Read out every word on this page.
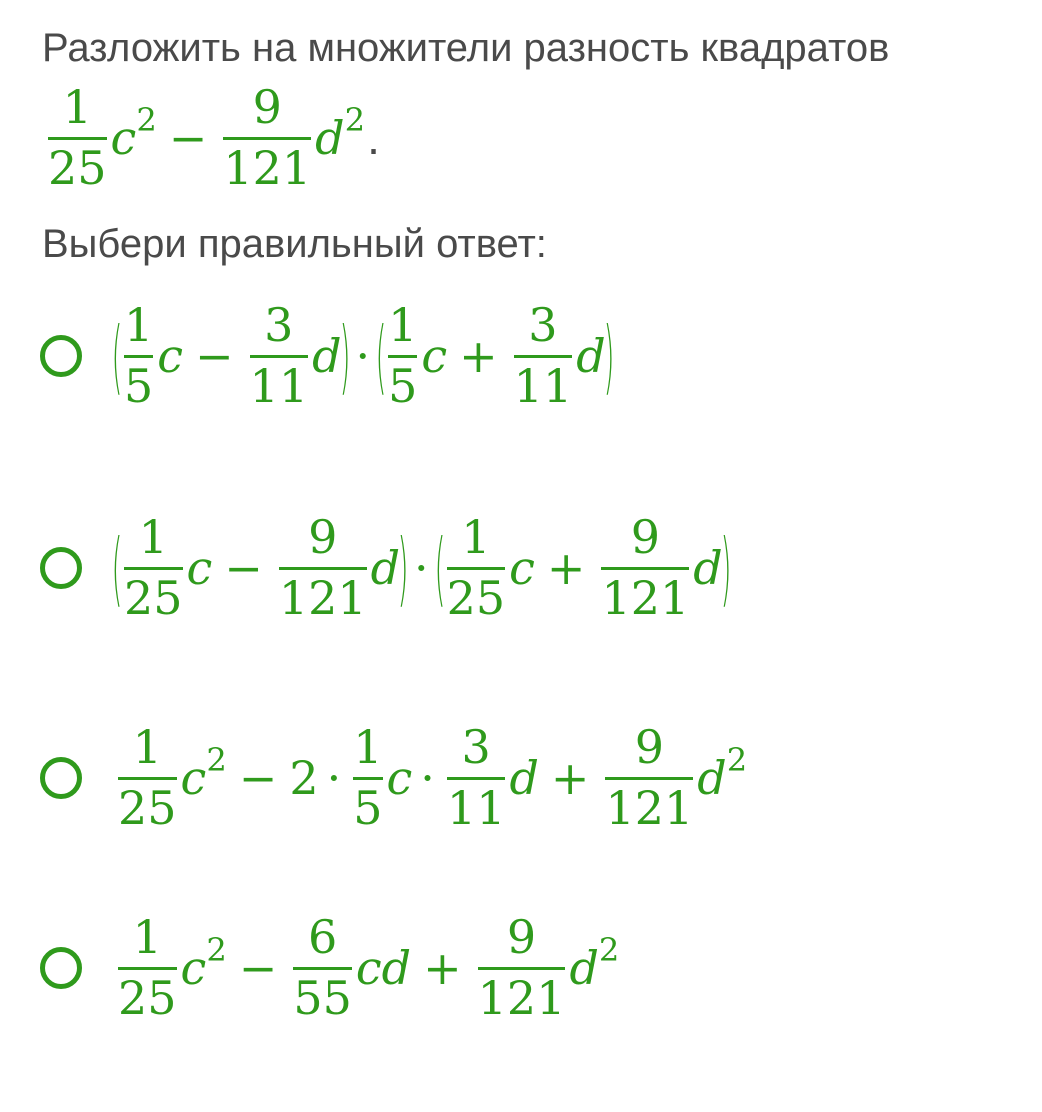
Разложить на множители разность квадратов
$\frac{1}{25} c^2 - \frac{9}{121} d^2$ .
Выбери правильный ответ:
( $\frac{1}{5}$ $c - \frac{3}{11}$ d
) · ( $\frac{1}{5}$ $c + \frac{3}{11}$ d
)
( $\frac{1}{25}$ $c - \frac{9}{121}$ d
) · ( $\frac{1}{25}$ $c + \frac{9}{121}$ d
)
$\frac{1}{25} c^2 - 2 \cdot \frac{1}{5}$ $c \cdot \frac{3}{11}$ $d + \frac{9}{121} d^2$
$\frac{1}{25} c^2 - \frac{6}{55}$ cd + $\frac{9}{121} d^2$
